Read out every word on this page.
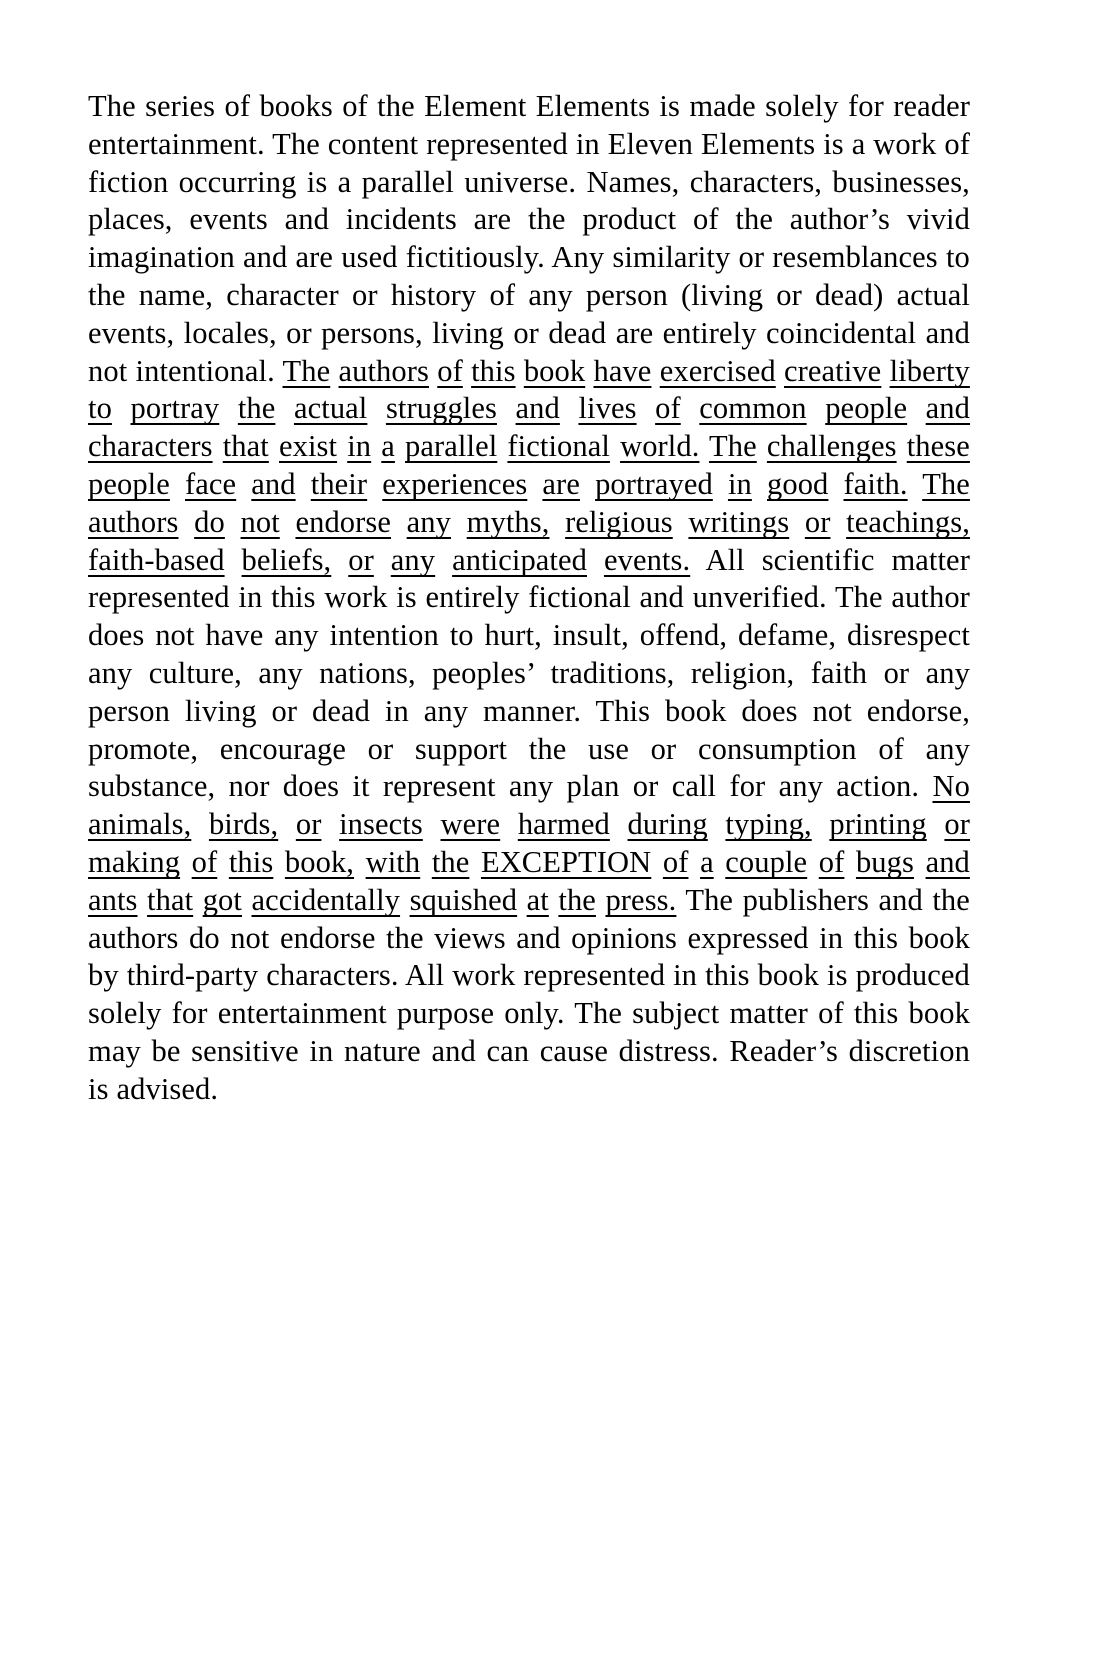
The series of books of the Element Elements is made solely for reader entertainment. The content represented in Eleven Elements is a work of fiction occurring is a parallel universe. Names, characters, businesses, places, events and incidents are the product of the author’s vivid imagination and are used fictitiously. Any similarity or resemblances to the name, character or history of any person (living or dead) actual events, locales, or persons, living or dead are entirely coincidental and not intentional. The authors of this book have exercised creative liberty to portray the actual struggles and lives of common people and characters that exist in a parallel fictional world. The challenges these people face and their experiences are portrayed in good faith. The authors do not endorse any myths, religious writings or teachings, faith-based beliefs, or any anticipated events. All scientific matter represented in this work is entirely fictional and unverified. The author does not have any intention to hurt, insult, offend, defame, disrespect any culture, any nations, peoples’ traditions, religion, faith or any person living or dead in any manner. This book does not endorse, promote, encourage or support the use or consumption of any substance, nor does it represent any plan or call for any action. No animals, birds, or insects were harmed during typing, printing or making of this book, with the EXCEPTION of a couple of bugs and ants that got accidentally squished at the press. The publishers and the authors do not endorse the views and opinions expressed in this book by third-party characters. All work represented in this book is produced solely for entertainment purpose only. The subject matter of this book may be sensitive in nature and can cause distress. Reader’s discretion is advised.
